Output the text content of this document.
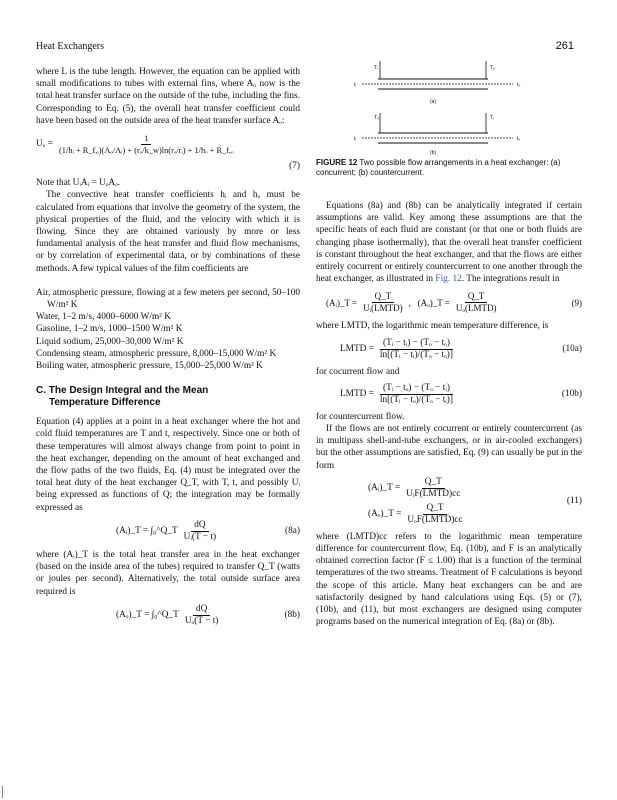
Heat Exchangers	261

where L is the tube length. However, the equation can be applied with small modifications to tubes with external fins, where Aₒ now is the total heat transfer surface on the outside of the tube, including the fins. Corresponding to Eq. (5), the overall heat transfer coefficient could have been based on the outside area of the heat transfer surface Aₒ:

$U_o = \frac{1}{\text{(1/hᵢ + R\_f,ᵢ)(Aₒ/Aᵢ) + (rₒ/k\_w)ln(rₒ/rᵢ) + 1/hₒ + R\_f,ₒ}}$
(7)

Note that UᵢAᵢ = UₒAₒ.

The convective heat transfer coefficients hᵢ and hₒ must be calculated from equations that involve the geometry of the system, the physical properties of the fluid, and the velocity with which it is flowing. Since they are obtained variously by more or less fundamental analysis of the heat transfer and fluid flow mechanisms, or by correlation of experimental data, or by combinations of these methods. A few typical values of the film coefficients are

Air, atmospheric pressure, flowing at a few meters per second, 50–100 W/m² K

Water, 1–2 m/s, 4000–6000 W/m² K

Gasoline, 1–2 m/s, 1000–1500 W/m² K

Liquid sodium, 25,000–30,000 W/m² K

Condensing steam, atmospheric pressure, 8,000–15,000 W/m² K

Boiling water, atmospheric pressure, 15,000–25,000 W/m² K

C. The Design Integral and the Mean

Temperature Difference

Equation (4) applies at a point in a heat exchanger where the hot and cold fluid temperatures are T and t, respectively. Since one or both of these temperatures will almost always change from point to point in the heat exchanger, depending on the amount of heat exchanged and the flow paths of the two fluids, Eq. (4) must be integrated over the total heat duty of the heat exchanger Q_T, with T, t, and possibly Uᵢ being expressed as functions of Q; the integration may be formally expressed as

(Aᵢ)_T = ∫₀^Q_T $\frac{dQ}{\text{Uᵢ(T − t)}}$	(8a)

where (Aᵢ)_T is the total heat transfer area in the heat exchanger (based on the inside area of the tubes) required to transfer Q_T (watts or joules per second). Alternatively, the total outside surface area required is

(Aₒ)_T = ∫₀^Q_T $\frac{dQ}{\text{Uₒ(T − t)}}$	(8b)
Tᵢ	Tₒ
tᵢ	tₒ
(a)
Tₒ	Tᵢ
tᵢ	tₒ
(b)

FIGURE 12 Two possible flow arrangements in a heat exchanger: (a) concurrent; (b) countercurrent.

Equations (8a) and (8b) can be analytically integrated if certain assumptions are valid. Key among these assumptions are that the specific heats of each fluid are constant (or that one or both fluids are changing phase isothermally), that the overall heat transfer coefficient is constant throughout the heat exchanger, and that the flows are either entirely cocurrent or entirely countercurrent to one another through the heat exchanger, as illustrated in Fig. 12. The integrations result in

(Aᵢ)_T = $\frac{Q\_T}{\text{Uᵢ(LMTD)}}$ ,   (Aₒ)_T = $\frac{Q\_T}{\text{Uₒ(LMTD)}}$	(9)

where LMTD, the logarithmic mean temperature difference, is

LMTD = $\frac{\text{(Tᵢ − tᵢ) − (Tₒ − tₒ)}}{\text{ln[(Tᵢ − tᵢ)/(Tₒ − tₒ)]}}$	(10a)

for cocurrent flow and

LMTD = $\frac{\text{(Tᵢ − tₒ) − (Tₒ − tᵢ)}}{\text{ln[(Tᵢ − tₒ)/(Tₒ − tᵢ)]}}$	(10b)

for countercurrent flow.

If the flows are not entirely cocurrent or entirely countercurrent (as in multipass shell-and-tube exchangers, or in air-cooled exchangers) but the other assumptions are satisfied, Eq. (9) can usually be put in the form

(Aᵢ)_T = $\frac{Q\_T}{\text{UᵢF(LMTD)cc}}$
(Aₒ)_T = $\frac{Q\_T}{\text{UₒF(LMTD)cc}}$
(11)

where (LMTD)cc refers to the logarithmic mean temperature difference for countercurrent flow, Eq. (10b), and F is an analytically obtained correction factor (F ≤ 1.00) that is a function of the terminal temperatures of the two streams. Treatment of F calculations is beyond the scope of this article. Many heat exchangers can be and are satisfactorily designed by hand calculations using Eqs. (5) or (7), (10b), and (11), but most exchangers are designed using computer programs based on the numerical integration of Eq. (8a) or (8b).
